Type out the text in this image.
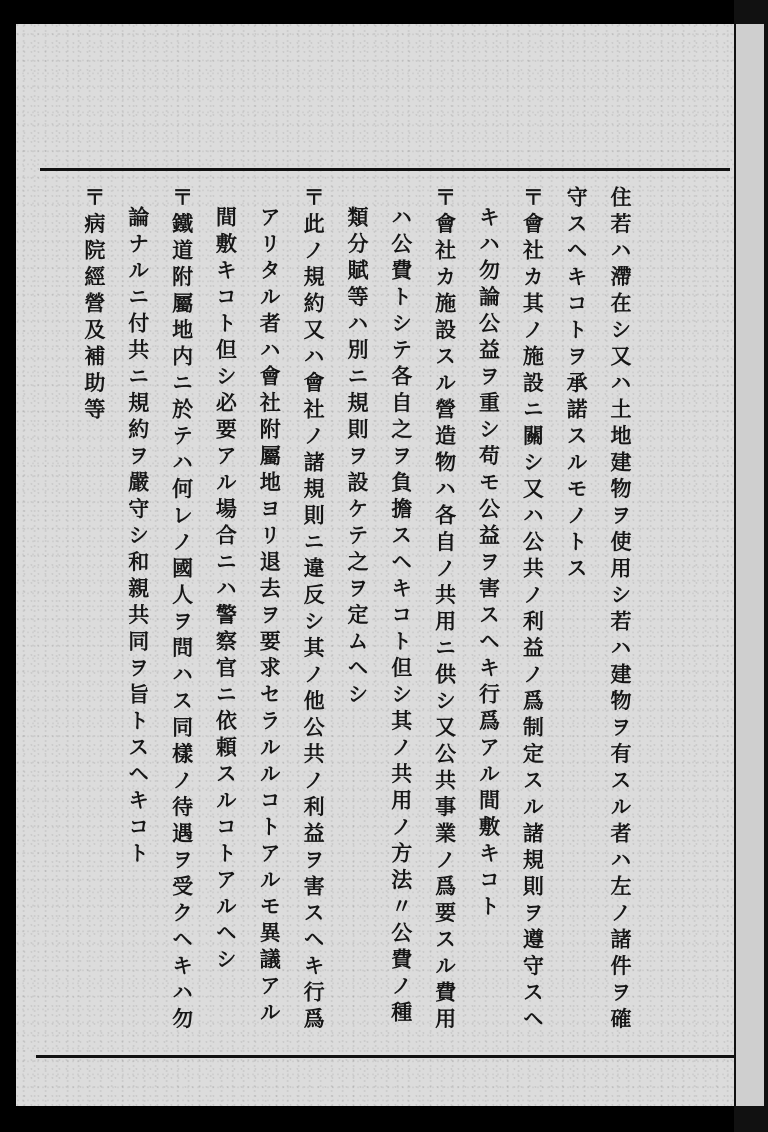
住若ハ滯在シ又ハ土地建物ヲ使用シ若ハ建物ヲ有スル者ハ左ノ諸件ヲ確

守スヘキコトヲ承諾スルモノトス

〒會社カ其ノ施設ニ關シ又ハ公共ノ利益ノ爲制定スル諸規則ヲ遵守スヘ

キハ勿論公益ヲ重シ苟モ公益ヲ害スヘキ行爲アル間敷キコト

〒會社カ施設スル營造物ハ各自ノ共用ニ供シ又公共事業ノ爲要スル費用

ハ公費トシテ各自之ヲ負擔スヘキコト但シ其ノ共用ノ方法〃公費ノ種

類分賦等ハ別ニ規則ヲ設ケテ之ヲ定ムヘシ

〒此ノ規約又ハ會社ノ諸規則ニ違反シ其ノ他公共ノ利益ヲ害スヘキ行爲

アリタル者ハ會社附屬地ヨリ退去ヲ要求セラルルコトアルモ異議アル

間敷キコト但シ必要アル場合ニハ警察官ニ依頼スルコトアルヘシ

〒鐵道附屬地内ニ於テハ何レノ國人ヲ問ハス同樣ノ待遇ヲ受クヘキハ勿

論ナルニ付共ニ規約ヲ嚴守シ和親共同ヲ旨トスヘキコト

〒病院經營及補助等
